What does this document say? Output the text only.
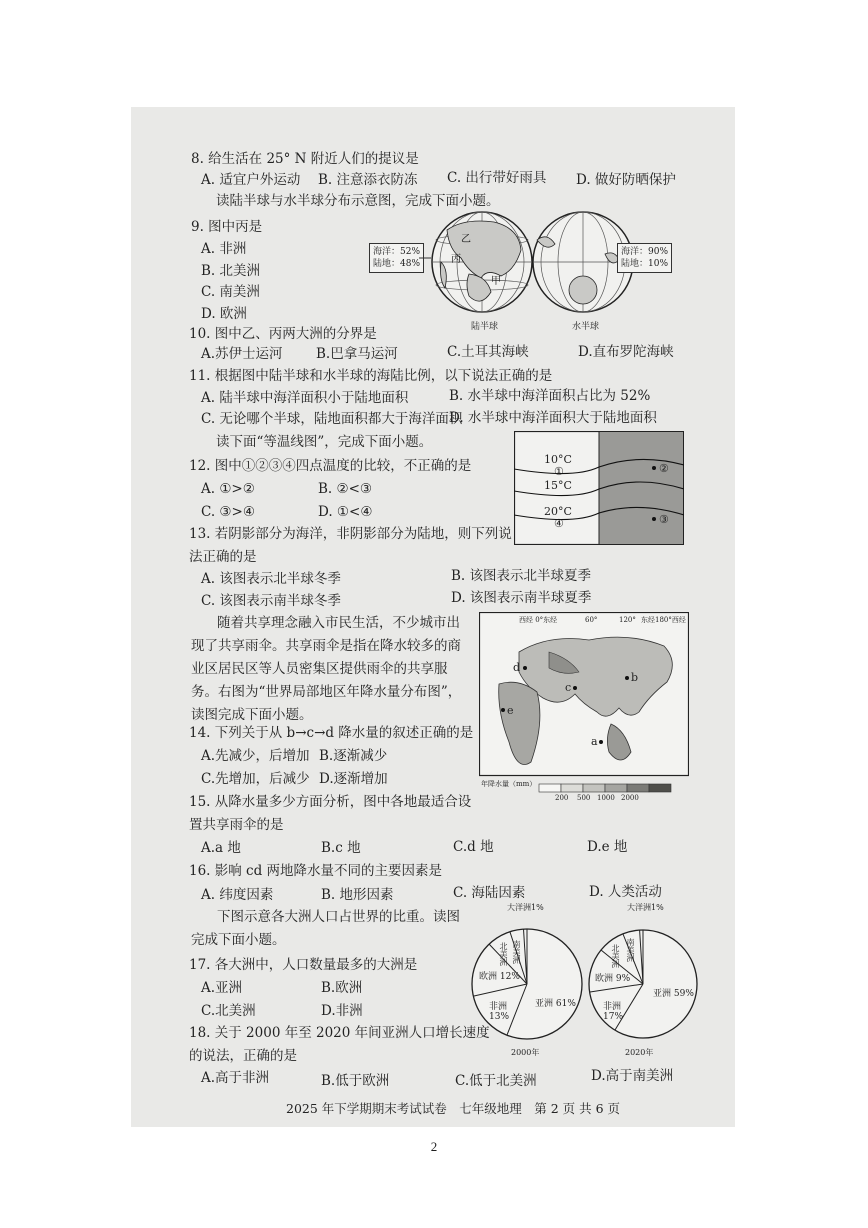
8. 给生活在 25° N 附近人们的提议是
A. 适宜户外运动 B. 注意添衣防冻 C. 出行带好雨具 D. 做好防晒保护
读陆半球与水半球分布示意图，完成下面小题。
9. 图中丙是
A. 非洲
B. 北美洲
C. 南美洲
D. 欧洲
海洋：52%
陆地：48%
乙
丙
甲
海洋：90%
陆地：10%
陆半球	水半球
10. 图中乙、丙两大洲的分界是
A.苏伊士运河 B.巴拿马运河	C.土耳其海峡	D.直布罗陀海峡
11. 根据图中陆半球和水半球的海陆比例，以下说法正确的是
A. 陆半球中海洋面积小于陆地面积	B. 水半球中海洋面积占比为 52%
C. 无论哪个半球，陆地面积都大于海洋面积
D. 水半球中海洋面积大于陆地面积
读下面“等温线图”，完成下面小题。
10°C
①
15°C
20°C
④
②
③
12. 图中①②③④四点温度的比较，不正确的是
A. ①>②	B. ②<③
C. ③>④	D. ①<④
13. 若阴影部分为海洋，非阴影部分为陆地，则下列说
法正确的是
A. 该图表示北半球冬季	B. 该图表示北半球夏季
C. 该图表示南半球冬季	D. 该图表示南半球夏季
随着共享理念融入市民生活，不少城市出现了共享雨伞。共享雨伞是指在降水较多的商业区居民区等人员密集区提供雨伞的共享服务。右图为“世界局部地区年降水量分布图”，读图完成下面小题。
西经 0°东经	60°	120° 东经180°西经
d
c
e
a
b
年降水量（mm）
200 500 1000 2000
14. 下列关于从 b→c→d 降水量的叙述正确的是
A.先减少，后增加 B.逐渐减少
C.先增加，后减少 D.逐渐增加
15. 从降水量多少方面分析，图中各地最适合设
置共享雨伞的是
A.a 地	B.c 地	C.d 地	D.e 地
16. 影响 cd 两地降水量不同的主要因素是
A. 纬度因素	B. 地形因素	C. 海陆因素	D. 人类活动
下图示意各大洲人口占世界的比重。读图完成下面小题。
17. 各大洲中，人口数量最多的大洲是
A.亚洲	B.欧洲
C.北美洲	D.非洲
18. 关于 2000 年至 2020 年间亚洲人口增长速度
的说法，正确的是
A.高于非洲	B.低于欧洲	C.低于北美洲	D.高于南美洲
大洋洲1%
南美洲
北美洲
欧洲 12%
非洲 13%
亚洲 61%
2000年
大洋洲1%
南美洲
北美洲
欧洲 9%
非洲 17%
亚洲 59%
2020年
2025 年下学期期末考试试卷　七年级地理　第 2 页 共 6 页
2
